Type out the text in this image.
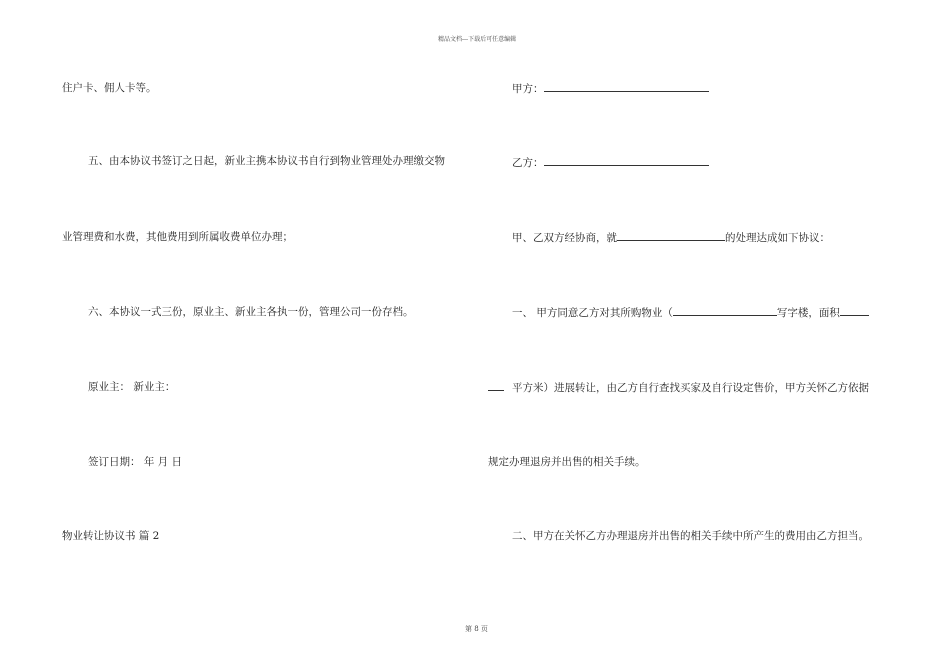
精品文档---下载后可任意编辑
住户卡、佣人卡等。
五、由本协议书签订之日起，新业主携本协议书自行到物业管理处办理缴交物
业管理费和水费，其他费用到所属收费单位办理；
六、本协议一式三份，原业主、新业主各执一份，管理公司一份存档。
原业主： 新业主：
签订日期： 年 月 日
物业转让协议书 篇 2
甲方：
乙方：
甲、乙双方经协商，就	的处理达成如下协议：
一、 甲方同意乙方对其所购物业（	写字楼，面积
平方米）进展转让，由乙方自行查找买家及自行设定售价，甲方关怀乙方依据
规定办理退房并出售的相关手续。
二、甲方在关怀乙方办理退房并出售的相关手续中所产生的费用由乙方担当。
第 8 页
